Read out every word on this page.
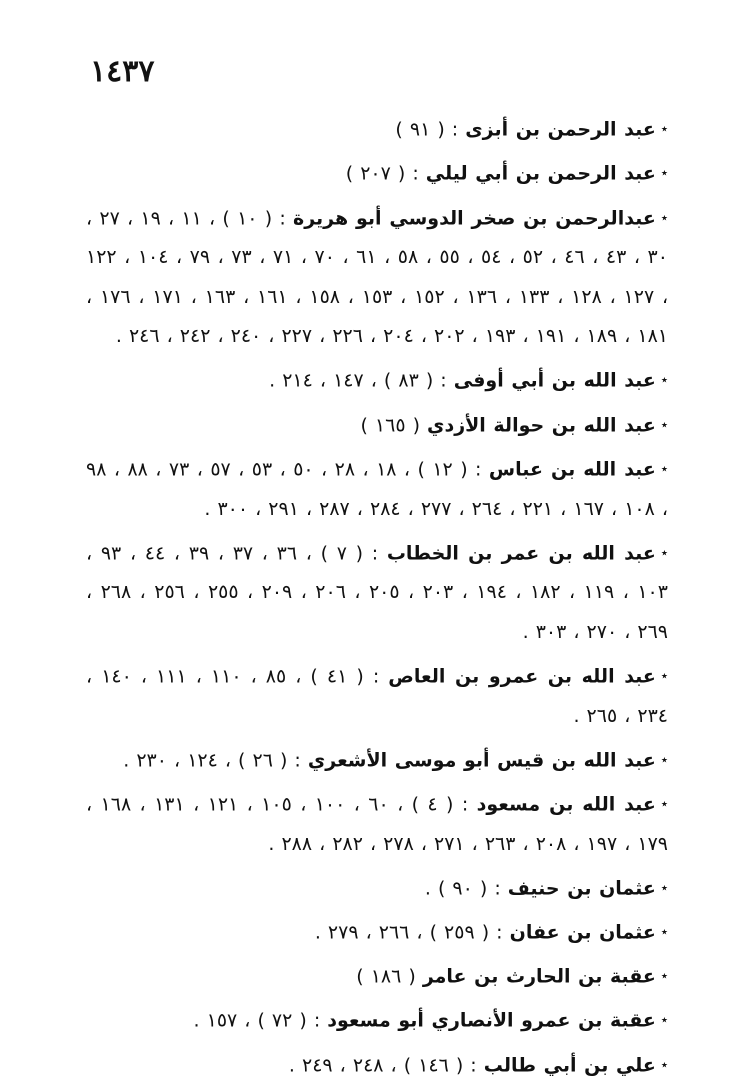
١٤٣٧

٭عبد الرحمن بن أبزى : ( ٩١ )

٭عبد الرحمن بن أبي ليلي : ( ٢٠٧ )

٭عبدالرحمن بن صخر الدوسي أبو هريرة : ( ١٠ ) ، ١١ ، ١٩ ، ٢٧ ، ٣٠ ، ٤٣ ، ٤٦ ، ٥٢ ، ٥٤ ، ٥٥ ، ٥٨ ، ٦١ ، ٧٠ ، ٧١ ، ٧٣ ، ٧٩ ، ١٠٤ ، ١٢٢ ، ١٢٧ ، ١٢٨ ، ١٣٣ ، ١٣٦ ، ١٥٢ ، ١٥٣ ، ١٥٨ ، ١٦١ ، ١٦٣ ، ١٧١ ، ١٧٦ ، ١٨١ ، ١٨٩ ، ١٩١ ، ١٩٣ ، ٢٠٢ ، ٢٠٤ ، ٢٢٦ ، ٢٢٧ ، ٢٤٠ ، ٢٤٢ ، ٢٤٦ .

٭عبد الله بن أبي أوفى : ( ٨٣ ) ، ١٤٧ ، ٢١٤ .

٭عبد الله بن حوالة الأزدي ( ١٦٥ )

٭عبد الله بن عباس : ( ١٢ ) ، ١٨ ، ٢٨ ، ٥٠ ، ٥٣ ، ٥٧ ، ٧٣ ، ٨٨ ، ٩٨ ، ١٠٨ ، ١٦٧ ، ٢٢١ ، ٢٦٤ ، ٢٧٧ ، ٢٨٤ ، ٢٨٧ ، ٢٩١ ، ٣٠٠ .

٭عبد الله بن عمر بن الخطاب : ( ٧ ) ، ٣٦ ، ٣٧ ، ٣٩ ، ٤٤ ، ٩٣ ، ١٠٣ ، ١١٩ ، ١٨٢ ، ١٩٤ ، ٢٠٣ ، ٢٠٥ ، ٢٠٦ ، ٢٠٩ ، ٢٥٥ ، ٢٥٦ ، ٢٦٨ ، ٢٦٩ ، ٢٧٠ ، ٣٠٣ .

٭عبد الله بن عمرو بن العاص : ( ٤١ ) ، ٨٥ ، ١١٠ ، ١١١ ، ١٤٠ ، ٢٣٤ ، ٢٦٥ .

٭عبد الله بن قيس أبو موسى الأشعري : ( ٢٦ ) ، ١٢٤ ، ٢٣٠ .

٭عبد الله بن مسعود : ( ٤ ) ، ٦٠ ، ١٠٠ ، ١٠٥ ، ١٢١ ، ١٣١ ، ١٦٨ ، ١٧٩ ، ١٩٧ ، ٢٠٨ ، ٢٦٣ ، ٢٧١ ، ٢٧٨ ، ٢٨٢ ، ٢٨٨ .

٭عثمان بن حنيف : ( ٩٠ ) .

٭عثمان بن عفان : ( ٢٥٩ ) ، ٢٦٦ ، ٢٧٩ .

٭عقبة بن الحارث بن عامر ( ١٨٦ )

٭عقبة بن عمرو الأنصاري أبو مسعود : ( ٧٢ ) ، ١٥٧ .

٭علي بن أبي طالب : ( ١٤٦ ) ، ٢٤٨ ، ٢٤٩ .
